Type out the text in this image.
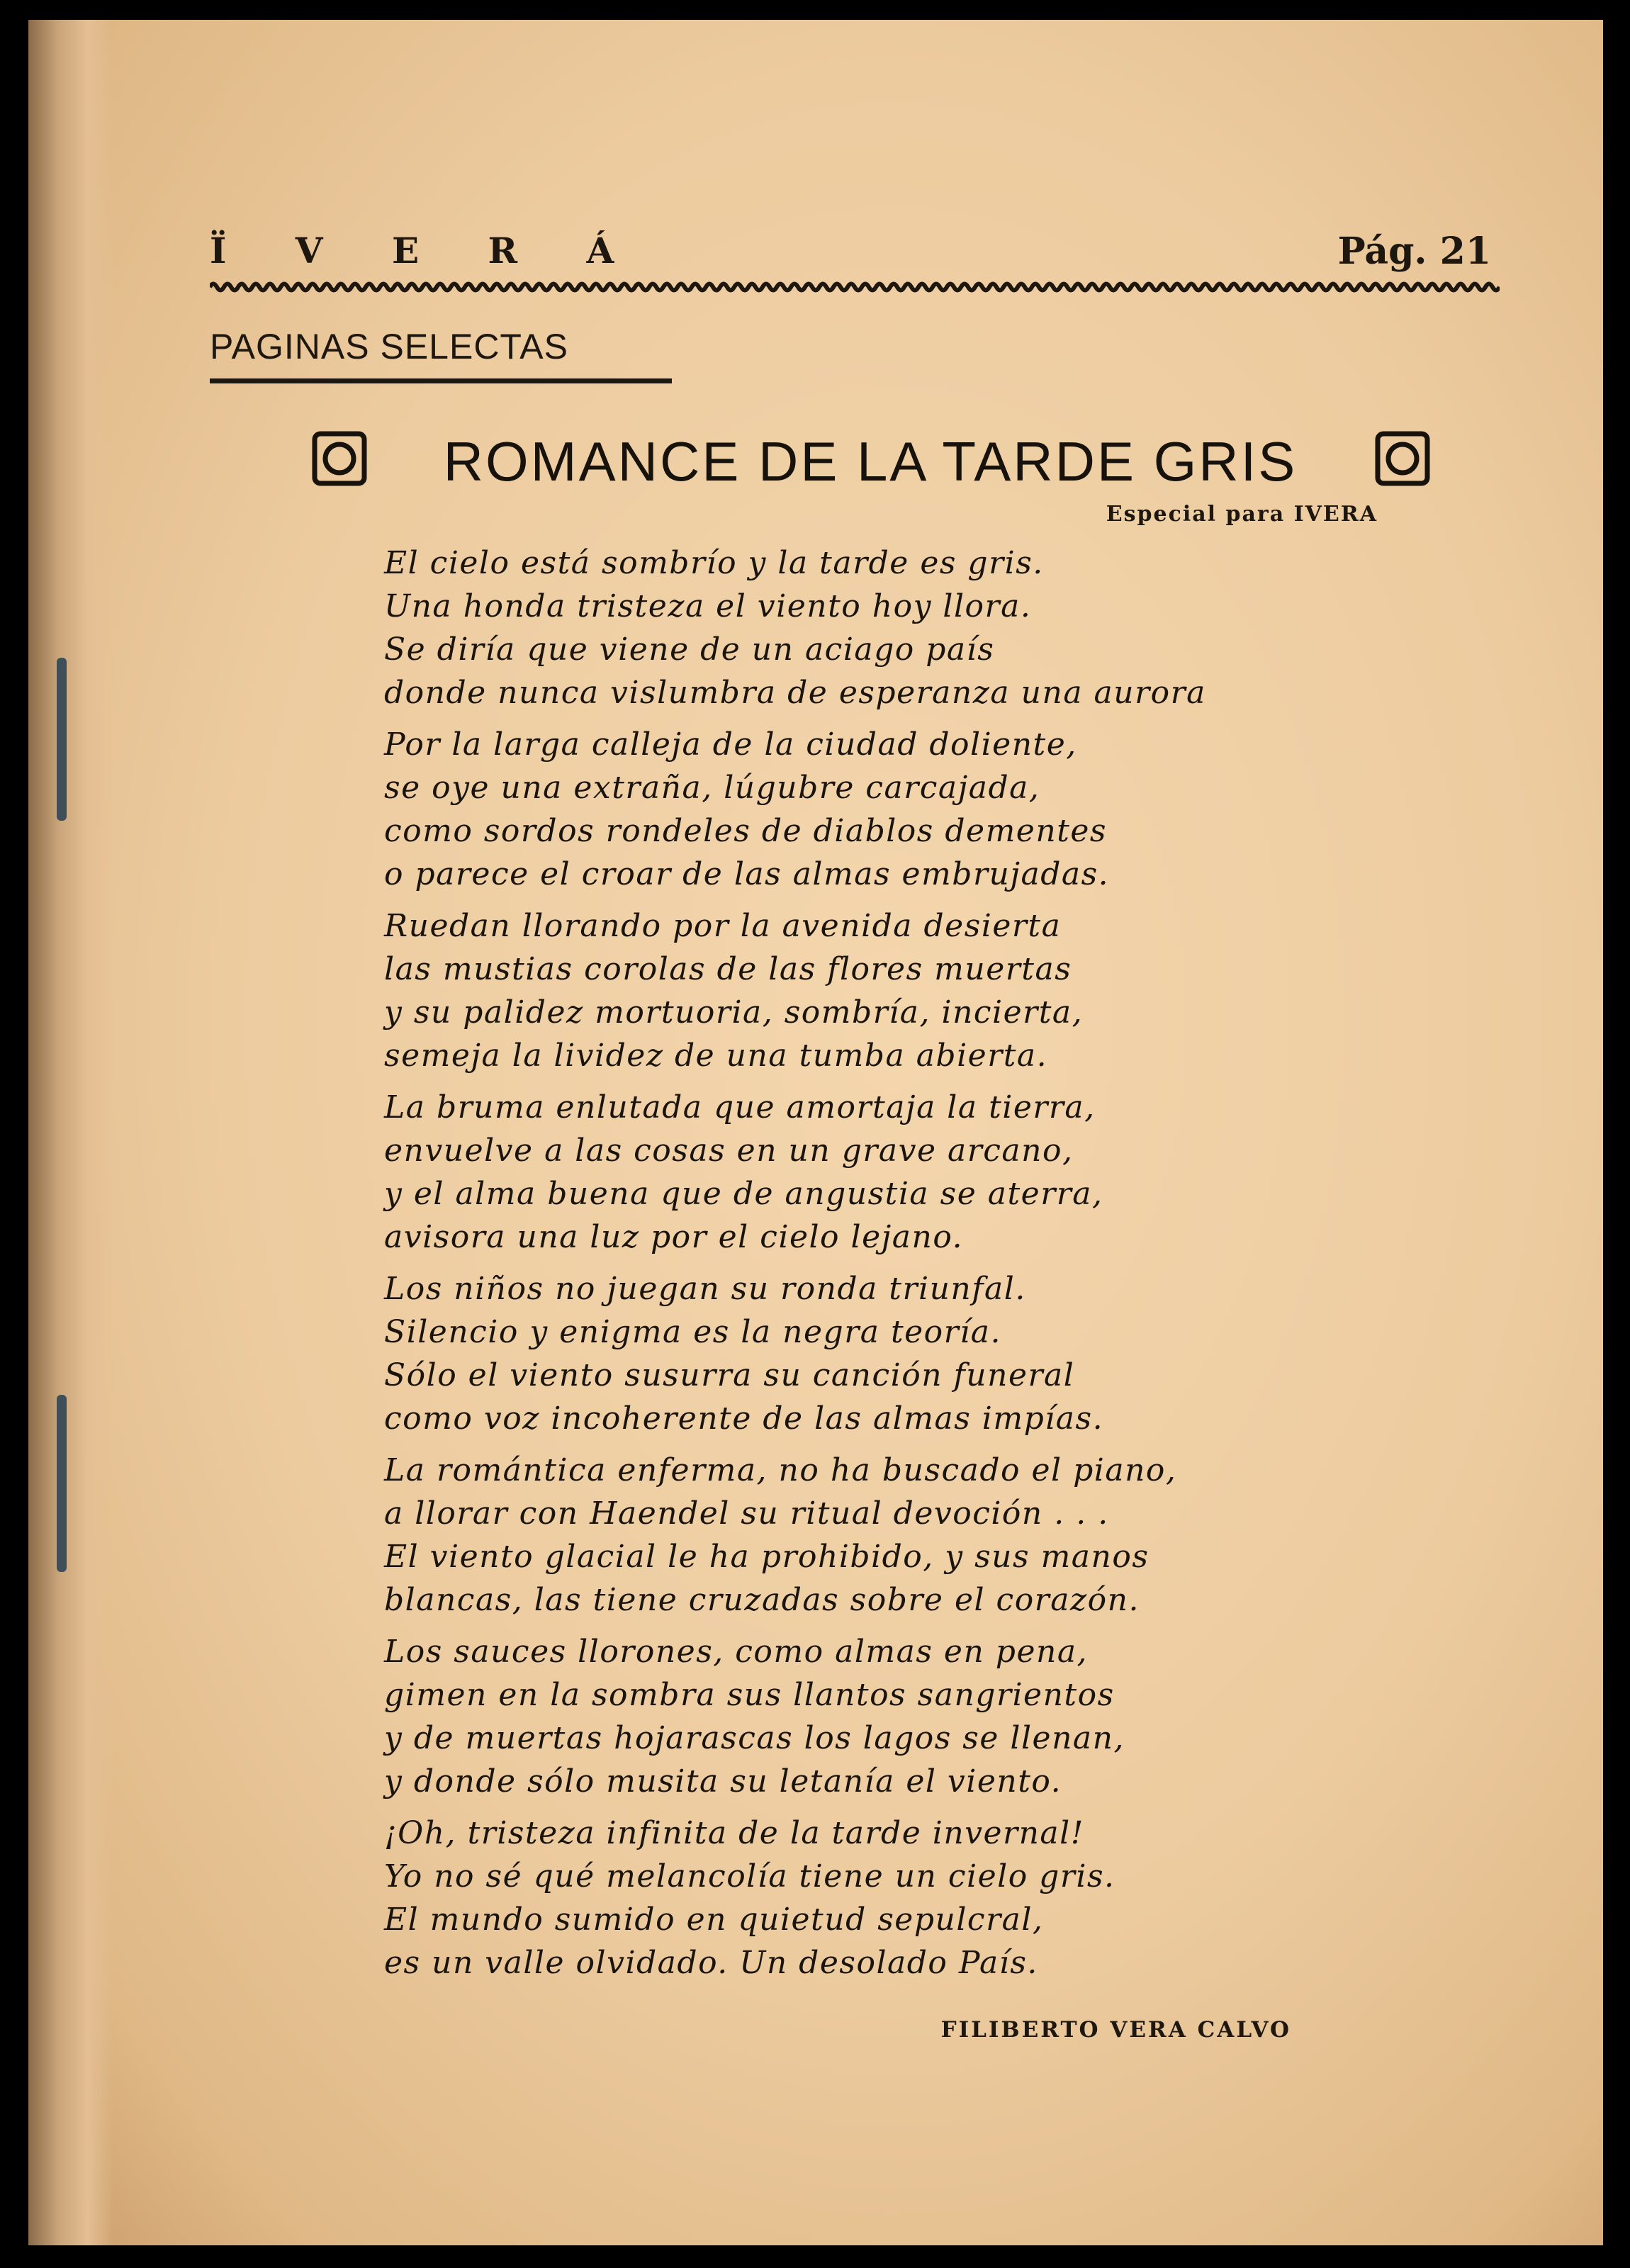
Ï V E R Á	Pág. 21
PAGINAS SELECTAS
ROMANCE DE LA TARDE GRIS
Especial para IVERA
El cielo está sombrío y la tarde es gris.
Una honda tristeza el viento hoy llora.
Se diría que viene de un aciago país
donde nunca vislumbra de esperanza una aurora
Por la larga calleja de la ciudad doliente,
se oye una extraña, lúgubre carcajada,
como sordos rondeles de diablos dementes
o parece el croar de las almas embrujadas.
Ruedan llorando por la avenida desierta
las mustias corolas de las flores muertas
y su palidez mortuoria, sombría, incierta,
semeja la lividez de una tumba abierta.
La bruma enlutada que amortaja la tierra,
envuelve a las cosas en un grave arcano,
y el alma buena que de angustia se aterra,
avisora una luz por el cielo lejano.
Los niños no juegan su ronda triunfal.
Silencio y enigma es la negra teoría.
Sólo el viento susurra su canción funeral
como voz incoherente de las almas impías.
La romántica enferma, no ha buscado el piano,
a llorar con Haendel su ritual devoción . . .
El viento glacial le ha prohibido, y sus manos
blancas, las tiene cruzadas sobre el corazón.
Los sauces llorones, como almas en pena,
gimen en la sombra sus llantos sangrientos
y de muertas hojarascas los lagos se llenan,
y donde sólo musita su letanía el viento.
¡Oh, tristeza infinita de la tarde invernal!
Yo no sé qué melancolía tiene un cielo gris.
El mundo sumido en quietud sepulcral,
es un valle olvidado. Un desolado País.
FILIBERTO VERA CALVO
